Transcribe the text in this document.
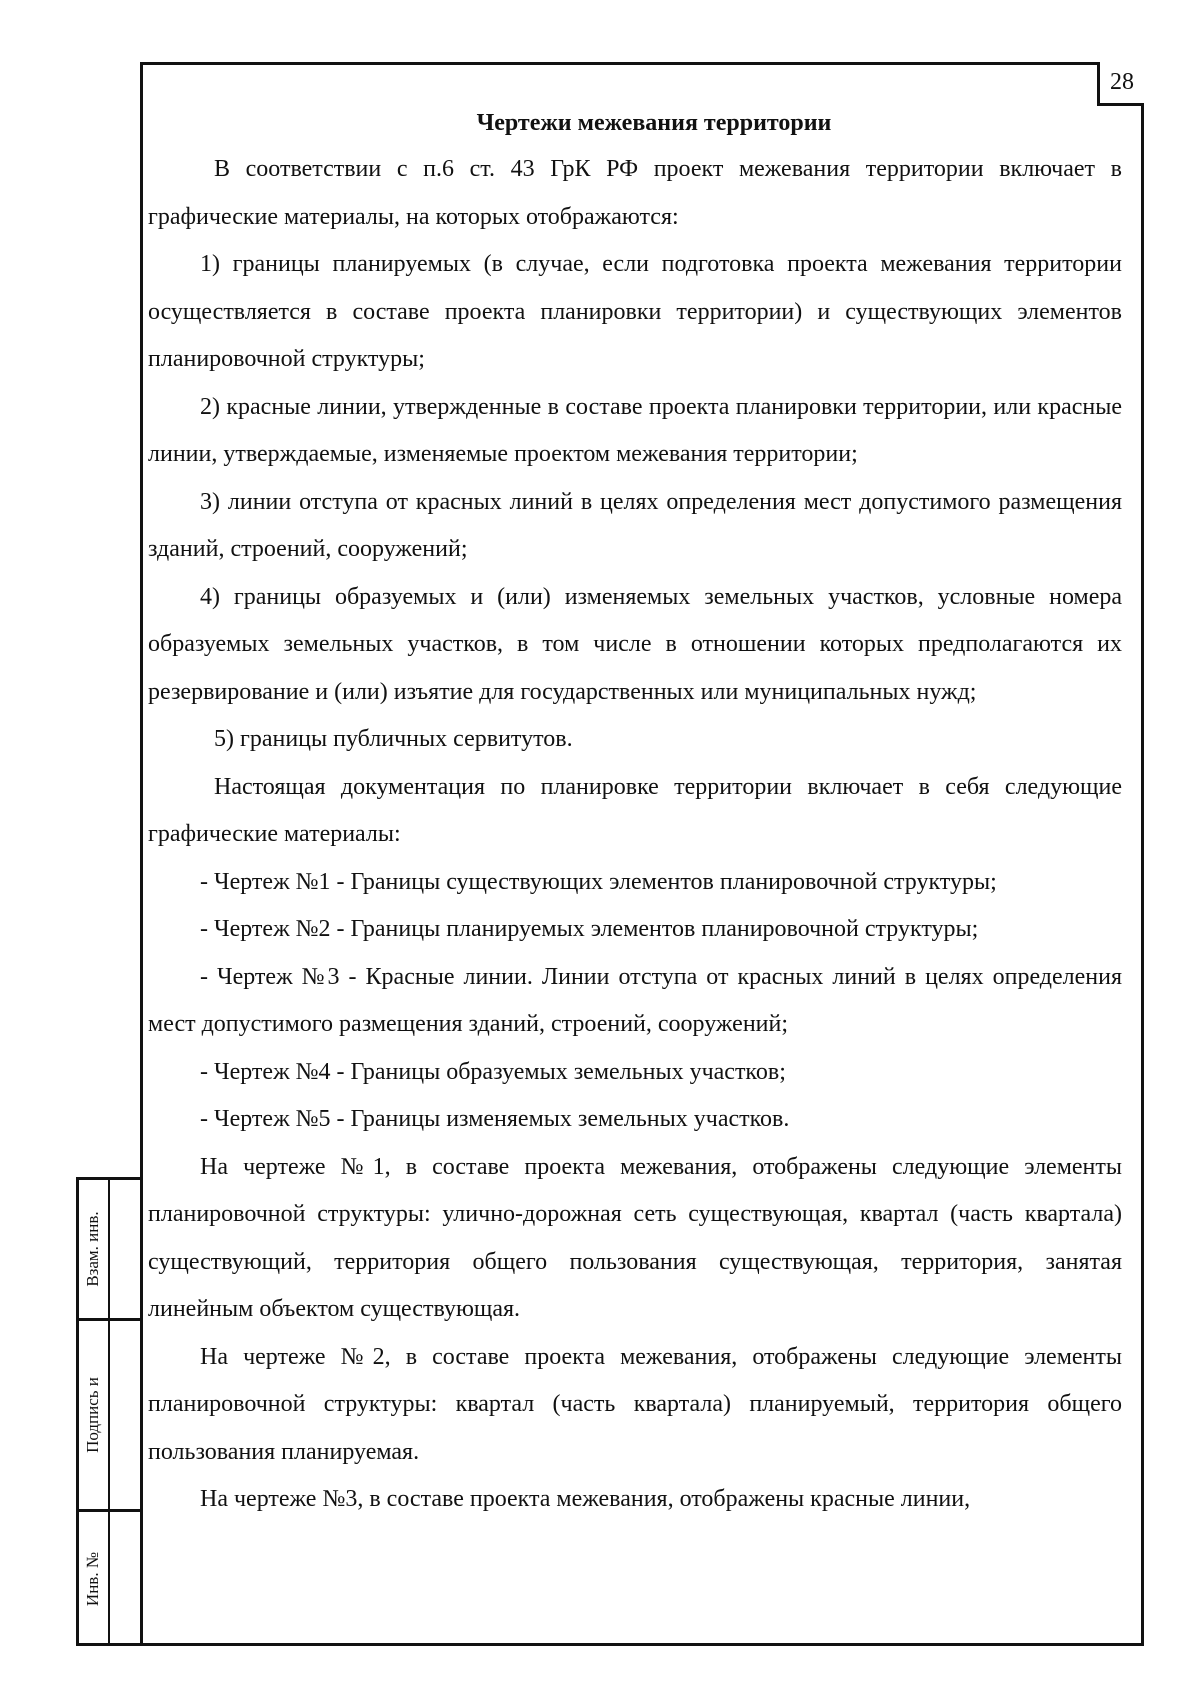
28
Взам. инв.
Подпись и
Инв. №
Чертежи межевания территории

В соответствии с п.6 ст. 43 ГрК РФ проект межевания территории включает в графические материалы, на которых отображаются:

1) границы планируемых (в случае, если подготовка проекта межевания территории осуществляется в составе проекта планировки территории) и существующих элементов планировочной структуры;

2) красные линии, утвержденные в составе проекта планировки территории, или красные линии, утверждаемые, изменяемые проектом межевания территории;

3) линии отступа от красных линий в целях определения мест допустимого размещения зданий, строений, сооружений;

4) границы образуемых и (или) изменяемых земельных участков, условные номера образуемых земельных участков, в том числе в отношении которых предполагаются их резервирование и (или) изъятие для государственных или муниципальных нужд;

5) границы публичных сервитутов.

Настоящая документация по планировке территории включает в себя следующие графические материалы:

- Чертеж №1 - Границы существующих элементов планировочной структуры;

- Чертеж №2 - Границы планируемых элементов планировочной структуры;

- Чертеж №3 - Красные линии. Линии отступа от красных линий в целях определения мест допустимого размещения зданий, строений, сооружений;

- Чертеж №4 - Границы образуемых земельных участков;

- Чертеж №5 - Границы изменяемых земельных участков.

На чертеже №1, в составе проекта межевания, отображены следующие элементы планировочной структуры: улично-дорожная сеть существующая, квартал (часть квартала) существующий, территория общего пользования существующая, территория, занятая линейным объектом существующая.

На чертеже №2, в составе проекта межевания, отображены следующие элементы планировочной структуры: квартал (часть квартала) планируемый, территория общего пользования планируемая.

На чертеже №3, в составе проекта межевания, отображены красные линии,
